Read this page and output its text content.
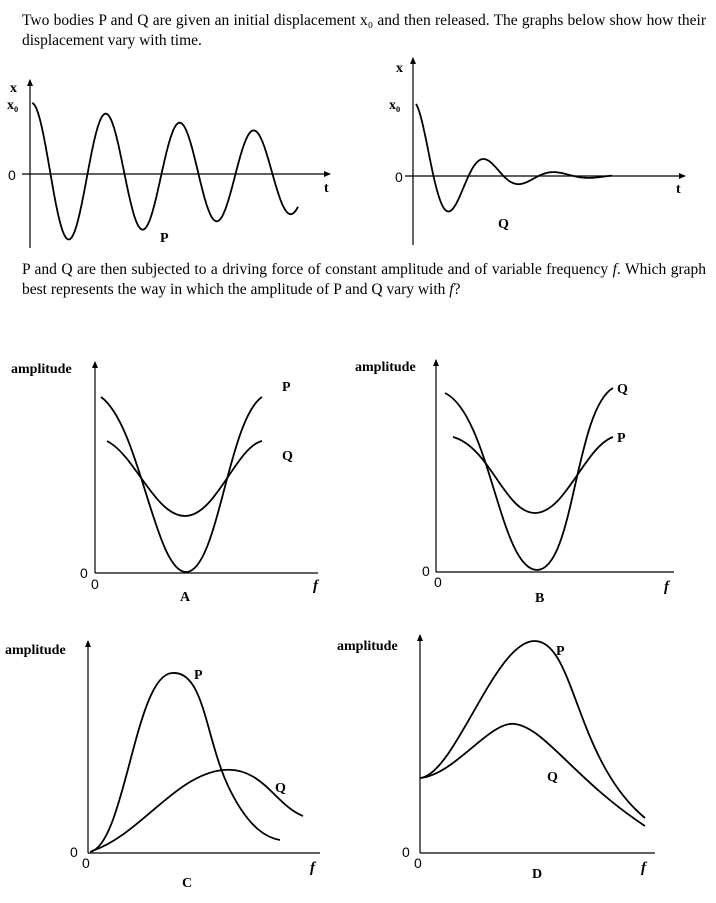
Two bodies P and Q are given an initial displacement x₀ and then released. The graphs below show how their displacement vary with time.

P and Q are then subjected to a driving force of constant amplitude and of variable frequency f. Which graph best represents the way in which the amplitude of P and Q vary with f?

x
x₀
0
t
P
x
x₀
0
t
Q
amplitude
0
0	f
A
P
Q
amplitude
0
0	f
B
Q
P
amplitude
0
0	f
C
P
Q
amplitude
0
0	f
D
P
Q
